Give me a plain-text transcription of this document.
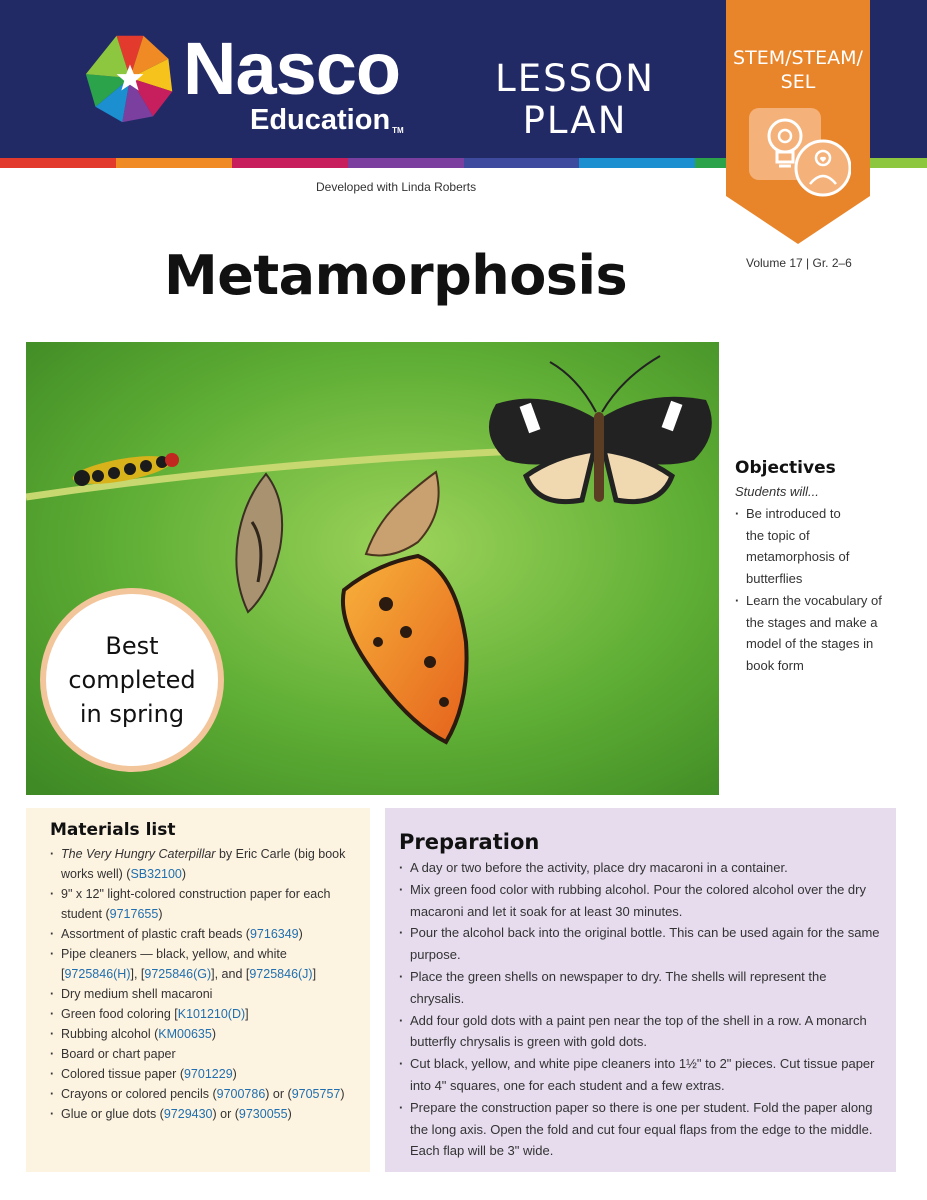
Nasco
Education TM
LESSON
PLAN
STEM/STEAM/
SEL
Developed with Linda Roberts
Volume 17 | Gr. 2–6
Metamorphosis
Best
completed
in spring
Objectives
Students will...
· Be introduced to the topic of metamorphosis of butterflies
· Learn the vocabulary of the stages and make a model of the stages in book form
Materials list
· The Very Hungry Caterpillar by Eric Carle (big book works well) (SB32100)
· 9" x 12" light-colored construction paper for each student (9717655)
· Assortment of plastic craft beads (9716349)
· Pipe cleaners — black, yellow, and white [9725846(H)], [9725846(G)], and [9725846(J)]
· Dry medium shell macaroni
· Green food coloring [K101210(D)]
· Rubbing alcohol (KM00635)
· Board or chart paper
· Colored tissue paper (9701229)
· Crayons or colored pencils (9700786) or (9705757)
· Glue or glue dots (9729430) or (9730055)
Preparation
· A day or two before the activity, place dry macaroni in a container.
· Mix green food color with rubbing alcohol. Pour the colored alcohol over the dry macaroni and let it soak for at least 30 minutes.
· Pour the alcohol back into the original bottle. This can be used again for the same purpose.
· Place the green shells on newspaper to dry. The shells will represent the chrysalis.
· Add four gold dots with a paint pen near the top of the shell in a row. A monarch butterfly chrysalis is green with gold dots.
· Cut black, yellow, and white pipe cleaners into 1½" to 2" pieces. Cut tissue paper into 4" squares, one for each student and a few extras.
· Prepare the construction paper so there is one per student. Fold the paper along the long axis. Open the fold and cut four equal flaps from the edge to the middle. Each flap will be 3" wide.
